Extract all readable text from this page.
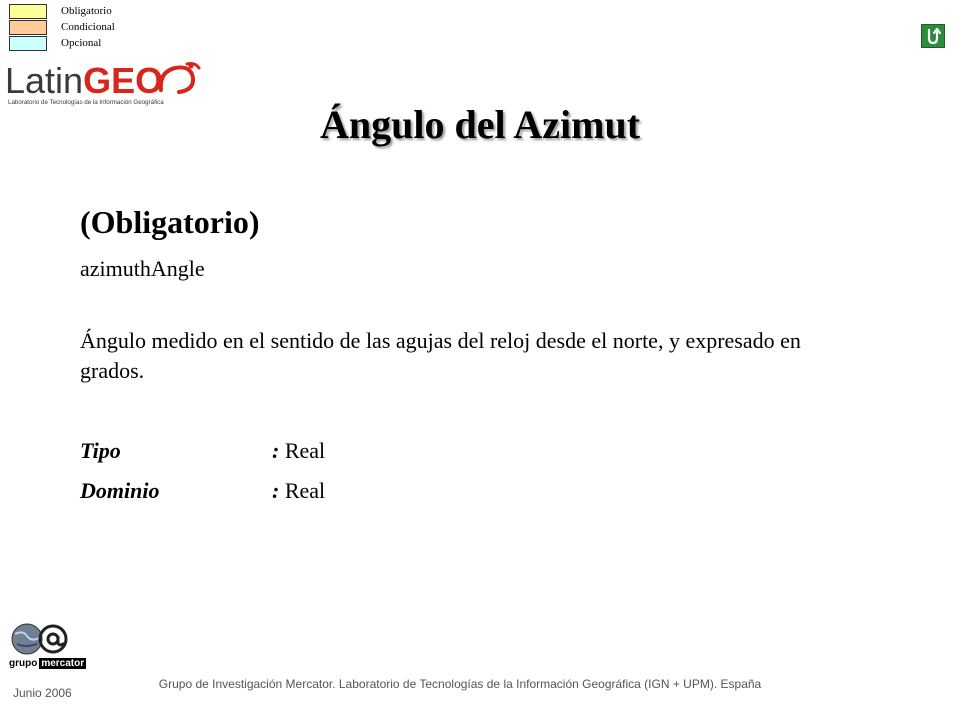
Obligatorio
Condicional
Opcional
LatinGEO
Laboratorio de Tecnologías de la Información Geográfica	Ángulo del Azimut
(Obligatorio)
azimuthAngle
Ángulo medido en el sentido de las agujas del reloj desde el norte, y expresado en grados.
Tipo	: Real
Dominio	: Real
grupo mercator
Junio 2006
Grupo de Investigación Mercator. Laboratorio de Tecnologías de la Información Geográfica (IGN + UPM). España
